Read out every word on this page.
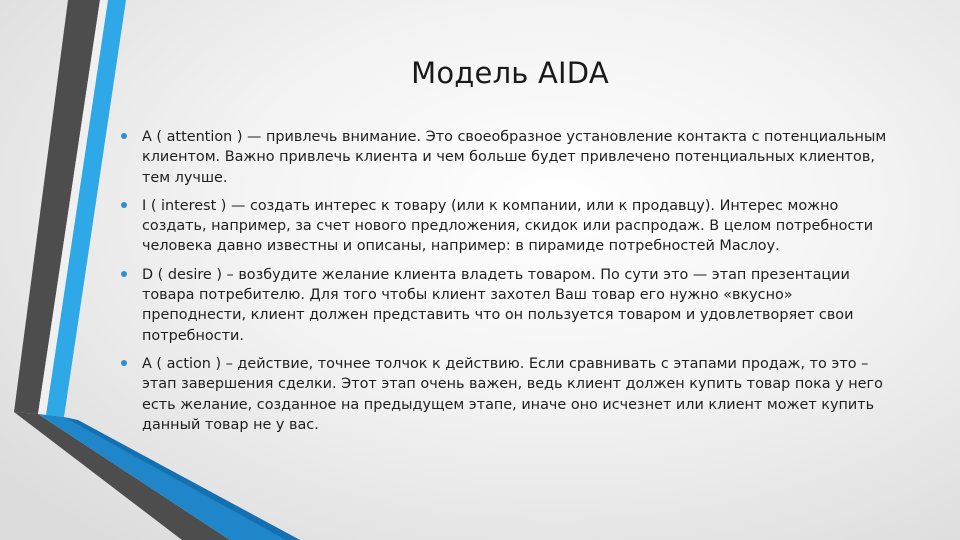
Модель AIDA
A ( attention ) — привлечь внимание. Это своеобразное установление контакта с потенциальным клиентом. Важно привлечь клиента и чем больше будет привлечено потенциальных клиентов, тем лучше.
I ( interest ) — создать интерес к товару (или к компании, или к продавцу). Интерес можно создать, например, за счет нового предложения, скидок или распродаж. В целом потребности человека давно известны и описаны, например: в пирамиде потребностей Маслоу.
D ( desire ) – возбудите желание клиента владеть товаром. По сути это — этап презентации товара потребителю. Для того чтобы клиент захотел Ваш товар его нужно «вкусно» преподнести, клиент должен представить что он пользуется товаром и удовлетворяет свои потребности.
A ( action ) – действие, точнее толчок к действию. Если сравнивать с этапами продаж, то это – этап завершения сделки. Этот этап очень важен, ведь клиент должен купить товар пока у него есть желание, созданное на предыдущем этапе, иначе оно исчезнет или клиент может купить данный товар не у вас.
